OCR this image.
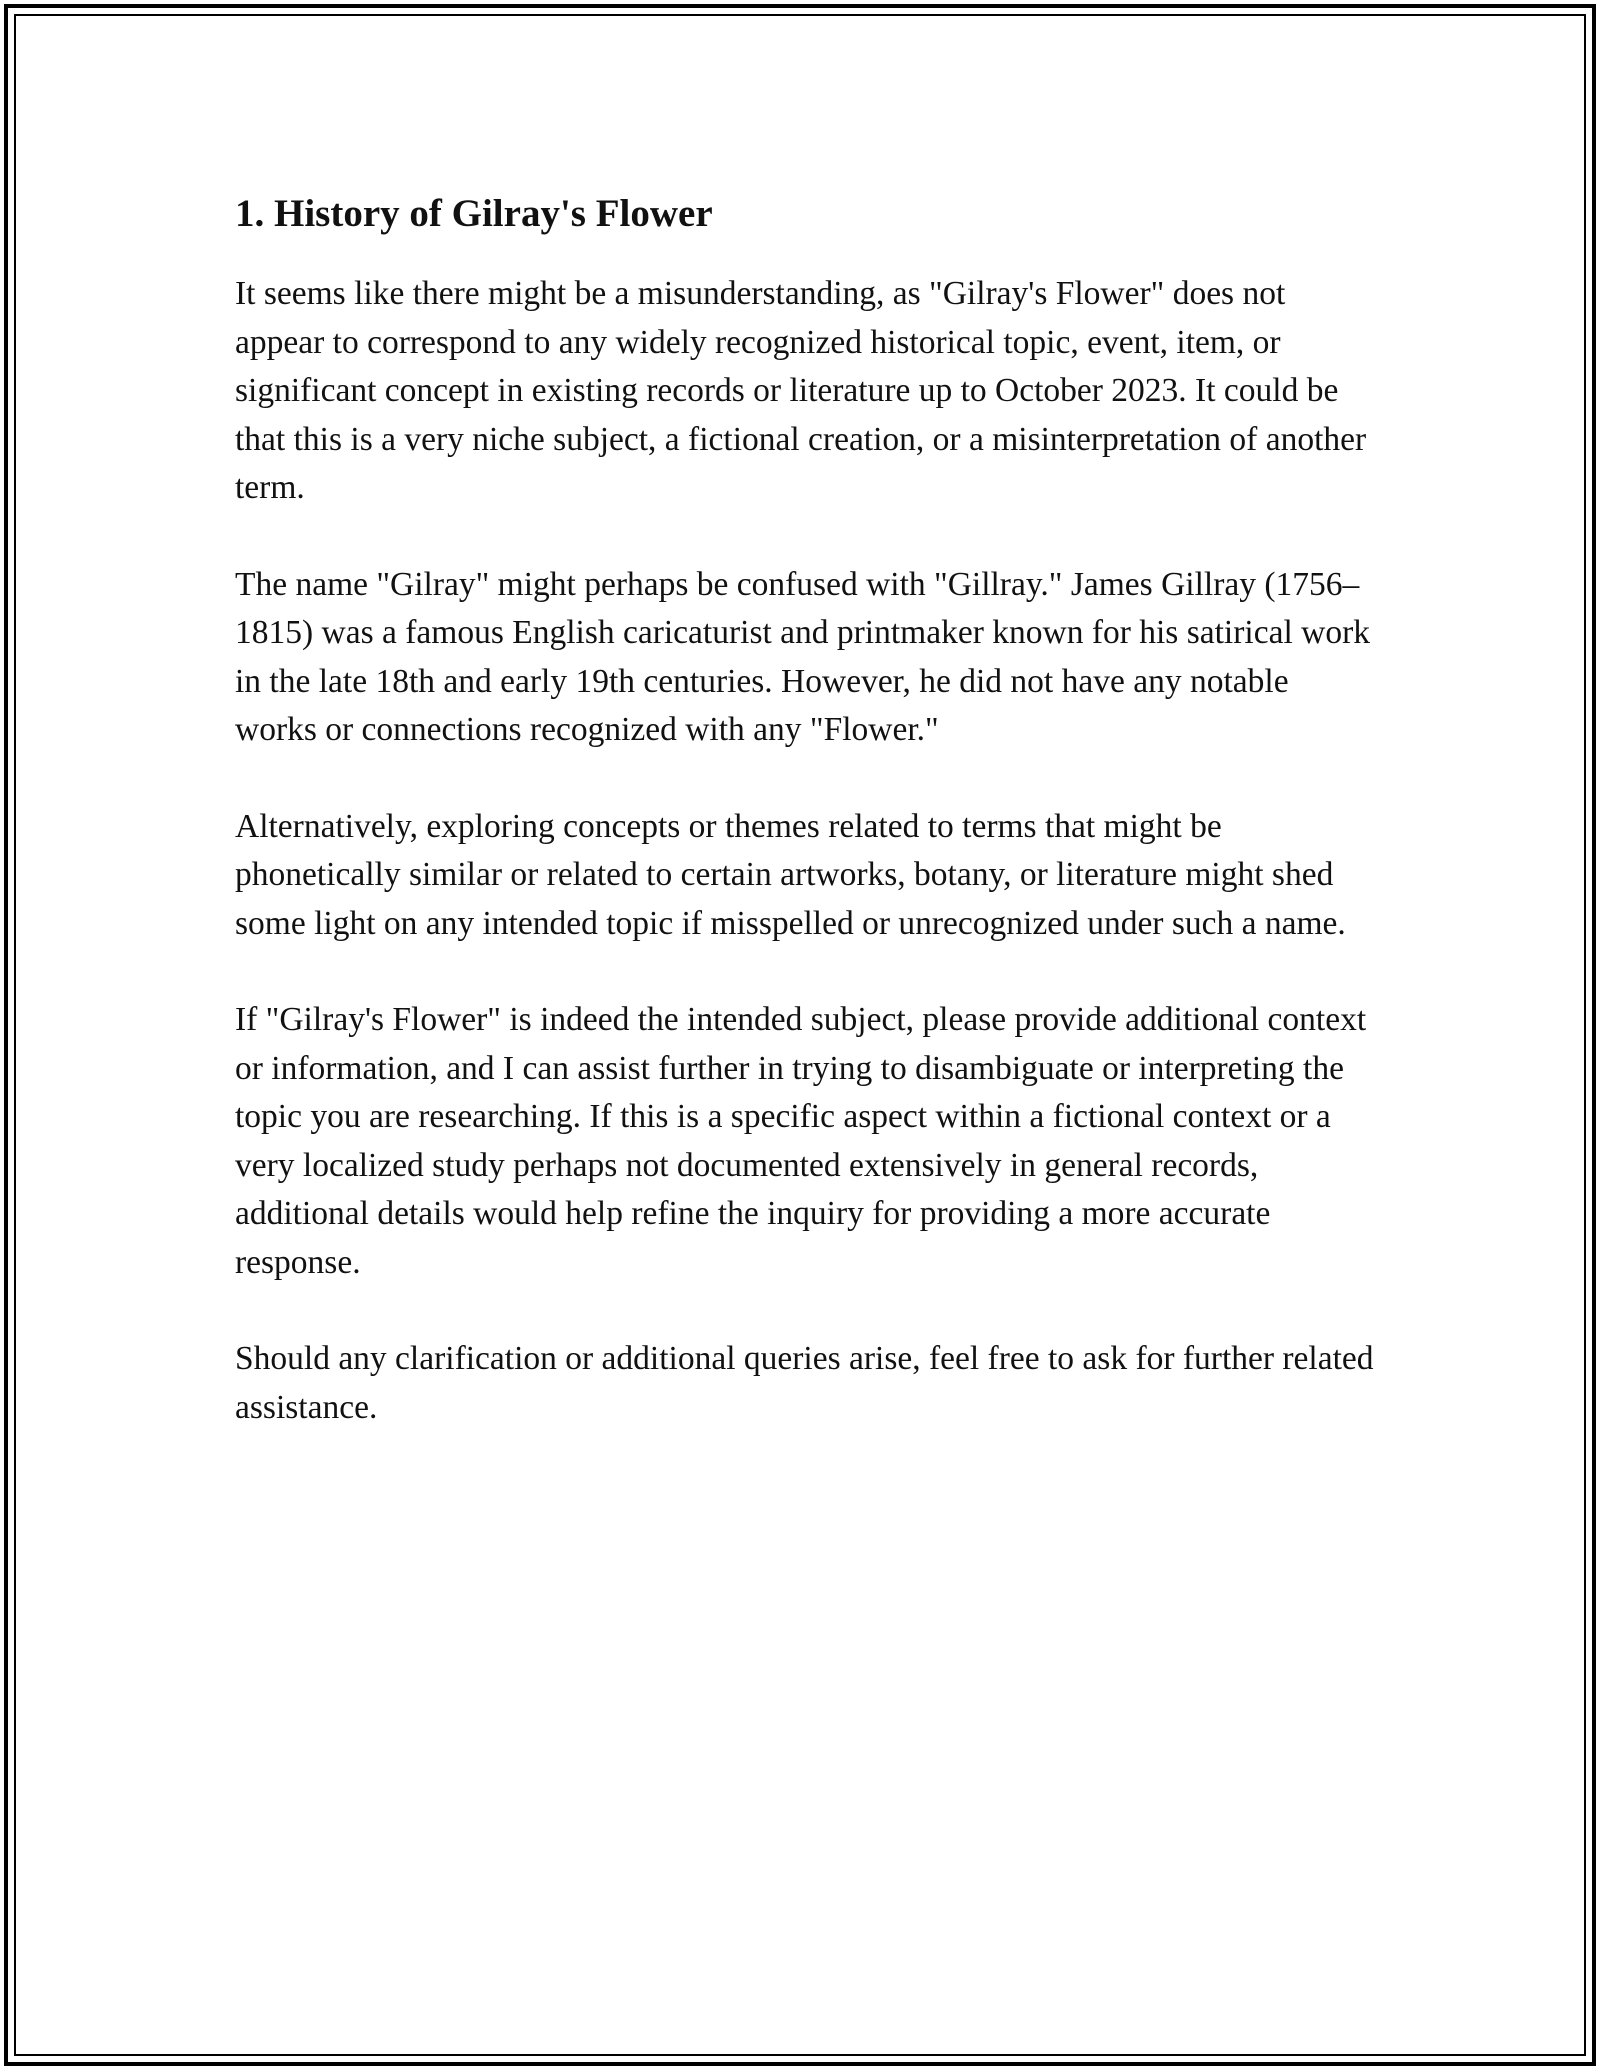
1. History of Gilray's Flower

It seems like there might be a misunderstanding, as "Gilray's Flower" does not appear to correspond to any widely recognized historical topic, event, item, or significant concept in existing records or literature up to October 2023. It could be that this is a very niche subject, a fictional creation, or a misinterpretation of another term.

The name "Gilray" might perhaps be confused with "Gillray." James Gillray (1756–1815) was a famous English caricaturist and printmaker known for his satirical work in the late 18th and early 19th centuries. However, he did not have any notable works or connections recognized with any "Flower."

Alternatively, exploring concepts or themes related to terms that might be phonetically similar or related to certain artworks, botany, or literature might shed some light on any intended topic if misspelled or unrecognized under such a name.

If "Gilray's Flower" is indeed the intended subject, please provide additional context or information, and I can assist further in trying to disambiguate or interpreting the topic you are researching. If this is a specific aspect within a fictional context or a very localized study perhaps not documented extensively in general records, additional details would help refine the inquiry for providing a more accurate response.

Should any clarification or additional queries arise, feel free to ask for further related assistance.
